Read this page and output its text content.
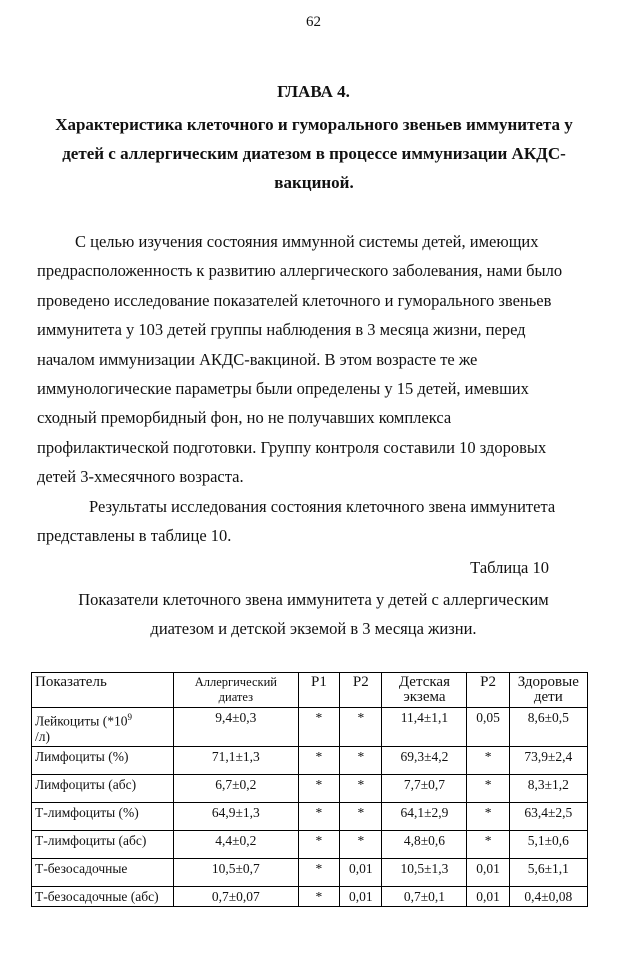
62
ГЛАВА 4.
Характеристика клеточного и гуморального звеньев иммунитета у
детей с аллергическим диатезом в процессе иммунизации АКДС-
вакциной.
С целью изучения состояния иммунной системы детей, имеющих
предрасположенность к развитию аллергического заболевания, нами было
проведено исследование показателей клеточного и гуморального звеньев
иммунитета у 103 детей группы наблюдения в 3 месяца жизни, перед
началом иммунизации АКДС-вакциной. В этом возрасте те же
иммунологические параметры были определены у 15 детей, имевших
сходный преморбидный фон, но не получавших комплекса
профилактической подготовки. Группу контроля составили 10 здоровых
детей 3-хмесячного возраста.
Результаты исследования состояния клеточного звена иммунитета
представлены в таблице 10.
Таблица 10
Показатели клеточного звена иммунитета у детей с аллергическим
диатезом и детской экземой в 3 месяца жизни.
Показатель	Аллергический диатез	Р1	Р2	Детская экзема	Р2	Здоровые дети
Лейкоциты ($*10^9$
/л)	9,4±0,3	*	*	11,4±1,1	0,05	8,6±0,5
Лимфоциты (%)	71,1±1,3	*	*	69,3±4,2	*	73,9±2,4
Лимфоциты (абс)	6,7±0,2	*	*	7,7±0,7	*	8,3±1,2
Т-лимфоциты (%)	64,9±1,3	*	*	64,1±2,9	*	63,4±2,5
Т-лимфоциты (абс)	4,4±0,2	*	*	4,8±0,6	*	5,1±0,6
Т-безосадочные	10,5±0,7	*	0,01	10,5±1,3	0,01	5,6±1,1
Т-безосадочные (абс)	0,7±0,07	*	0,01	0,7±0,1	0,01	0,4±0,08
